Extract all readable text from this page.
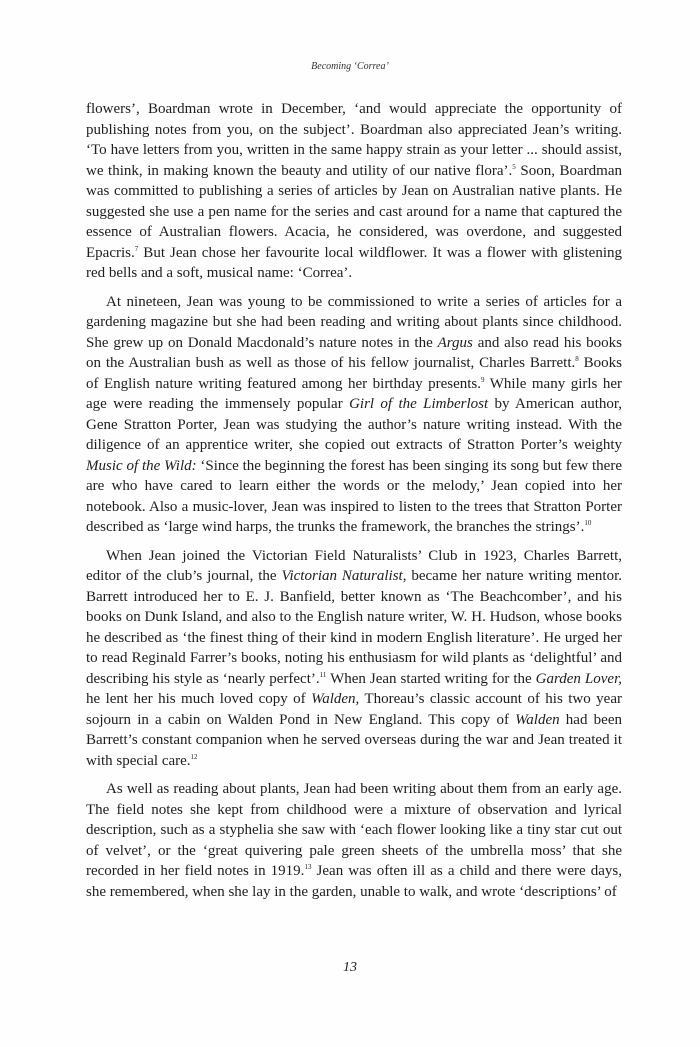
Becoming ‘Correa’

flowers’, Boardman wrote in December, ‘and would appreciate the opportunity of publishing notes from you, on the subject’. Boardman also appreciated Jean’s writing. ‘To have letters from you, written in the same happy strain as your letter ... should assist, we think, in making known the beauty and utility of our native flora’.$^5$ Soon, Boardman was committed to publishing a series of articles by Jean on Australian native plants. He suggested she use a pen name for the series and cast around for a name that captured the essence of Australian flowers. Acacia, he considered, was overdone, and suggested Epacris.$^7$ But Jean chose her favourite local wildflower. It was a flower with glistening red bells and a soft, musical name: ‘Correa’.

At nineteen, Jean was young to be commissioned to write a series of articles for a gardening magazine but she had been reading and writing about plants since childhood. She grew up on Donald Macdonald’s nature notes in the Argus and also read his books on the Australian bush as well as those of his fellow journalist, Charles Barrett.$^8$ Books of English nature writing featured among her birthday presents.$^9$ While many girls her age were reading the immensely popular Girl of the Limberlost by American author, Gene Stratton Porter, Jean was studying the author’s nature writing instead. With the diligence of an apprentice writer, she copied out extracts of Stratton Porter’s weighty Music of the Wild: ‘Since the beginning the forest has been singing its song but few there are who have cared to learn either the words or the melody,’ Jean copied into her notebook. Also a music-lover, Jean was inspired to listen to the trees that Stratton Porter described as ‘large wind harps, the trunks the framework, the branches the strings’.$^{10}$

When Jean joined the Victorian Field Naturalists’ Club in 1923, Charles Barrett, editor of the club’s journal, the Victorian Naturalist, became her nature writing mentor. Barrett introduced her to E. J. Banfield, better known as ‘The Beachcomber’, and his books on Dunk Island, and also to the English nature writer, W. H. Hudson, whose books he described as ‘the finest thing of their kind in modern English literature’. He urged her to read Reginald Farrer’s books, noting his enthusiasm for wild plants as ‘delightful’ and describing his style as ‘nearly perfect’.$^{11}$ When Jean started writing for the Garden Lover, he lent her his much loved copy of Walden, Thoreau’s classic account of his two year sojourn in a cabin on Walden Pond in New England. This copy of Walden had been Barrett’s constant companion when he served overseas during the war and Jean treated it with special care.$^{12}$

As well as reading about plants, Jean had been writing about them from an early age. The field notes she kept from childhood were a mixture of observation and lyrical description, such as a styphelia she saw with ‘each flower looking like a tiny star cut out of velvet’, or the ‘great quivering pale green sheets of the umbrella moss’ that she recorded in her field notes in 1919.13 Jean was often ill as a child and there were days, she remembered, when she lay in the garden, unable to walk, and wrote ‘descriptions’ of

13
